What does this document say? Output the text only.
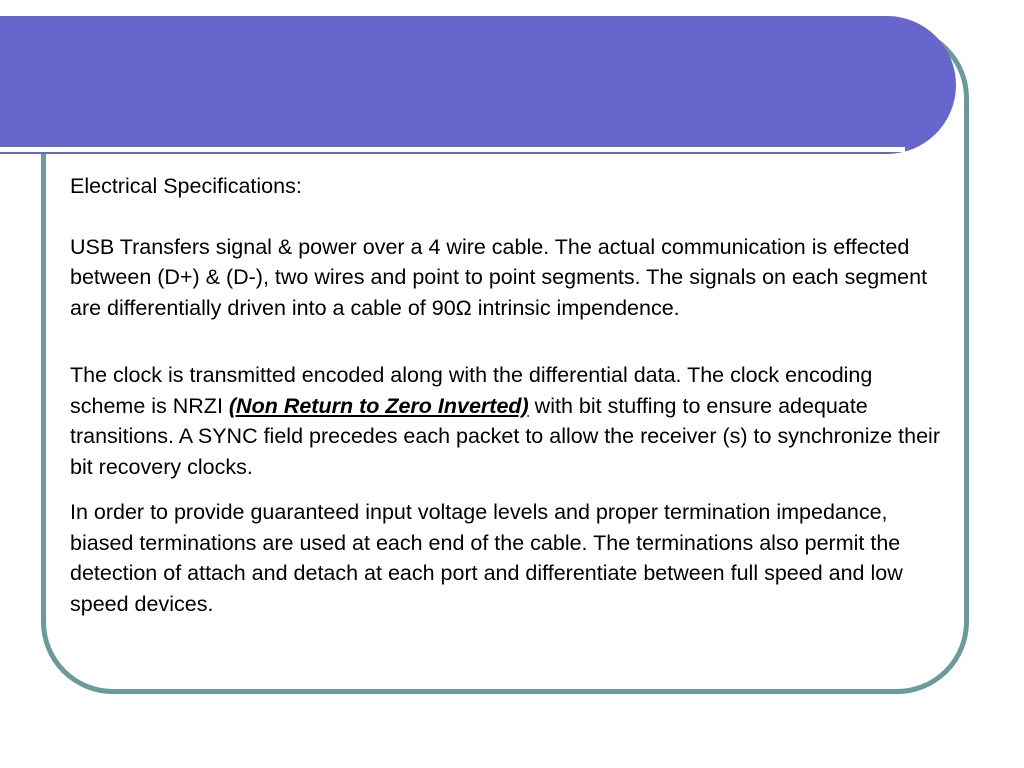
Electrical Specifications:

USB Transfers signal & power over a 4 wire cable. The actual communication is effected between (D+) & (D-), two wires and point to point segments. The signals on each segment are differentially driven into a cable of 90Ω intrinsic impendence.

The clock is transmitted encoded along with the differential data. The clock encoding scheme is NRZI (Non Return to Zero Inverted) with bit stuffing to ensure adequate transitions. A SYNC field precedes each packet to allow the receiver (s) to synchronize their bit recovery clocks.

In order to provide guaranteed input voltage levels and proper termination impedance, biased terminations are used at each end of the cable. The terminations also permit the detection of attach and detach at each port and differentiate between full speed and low speed devices.
